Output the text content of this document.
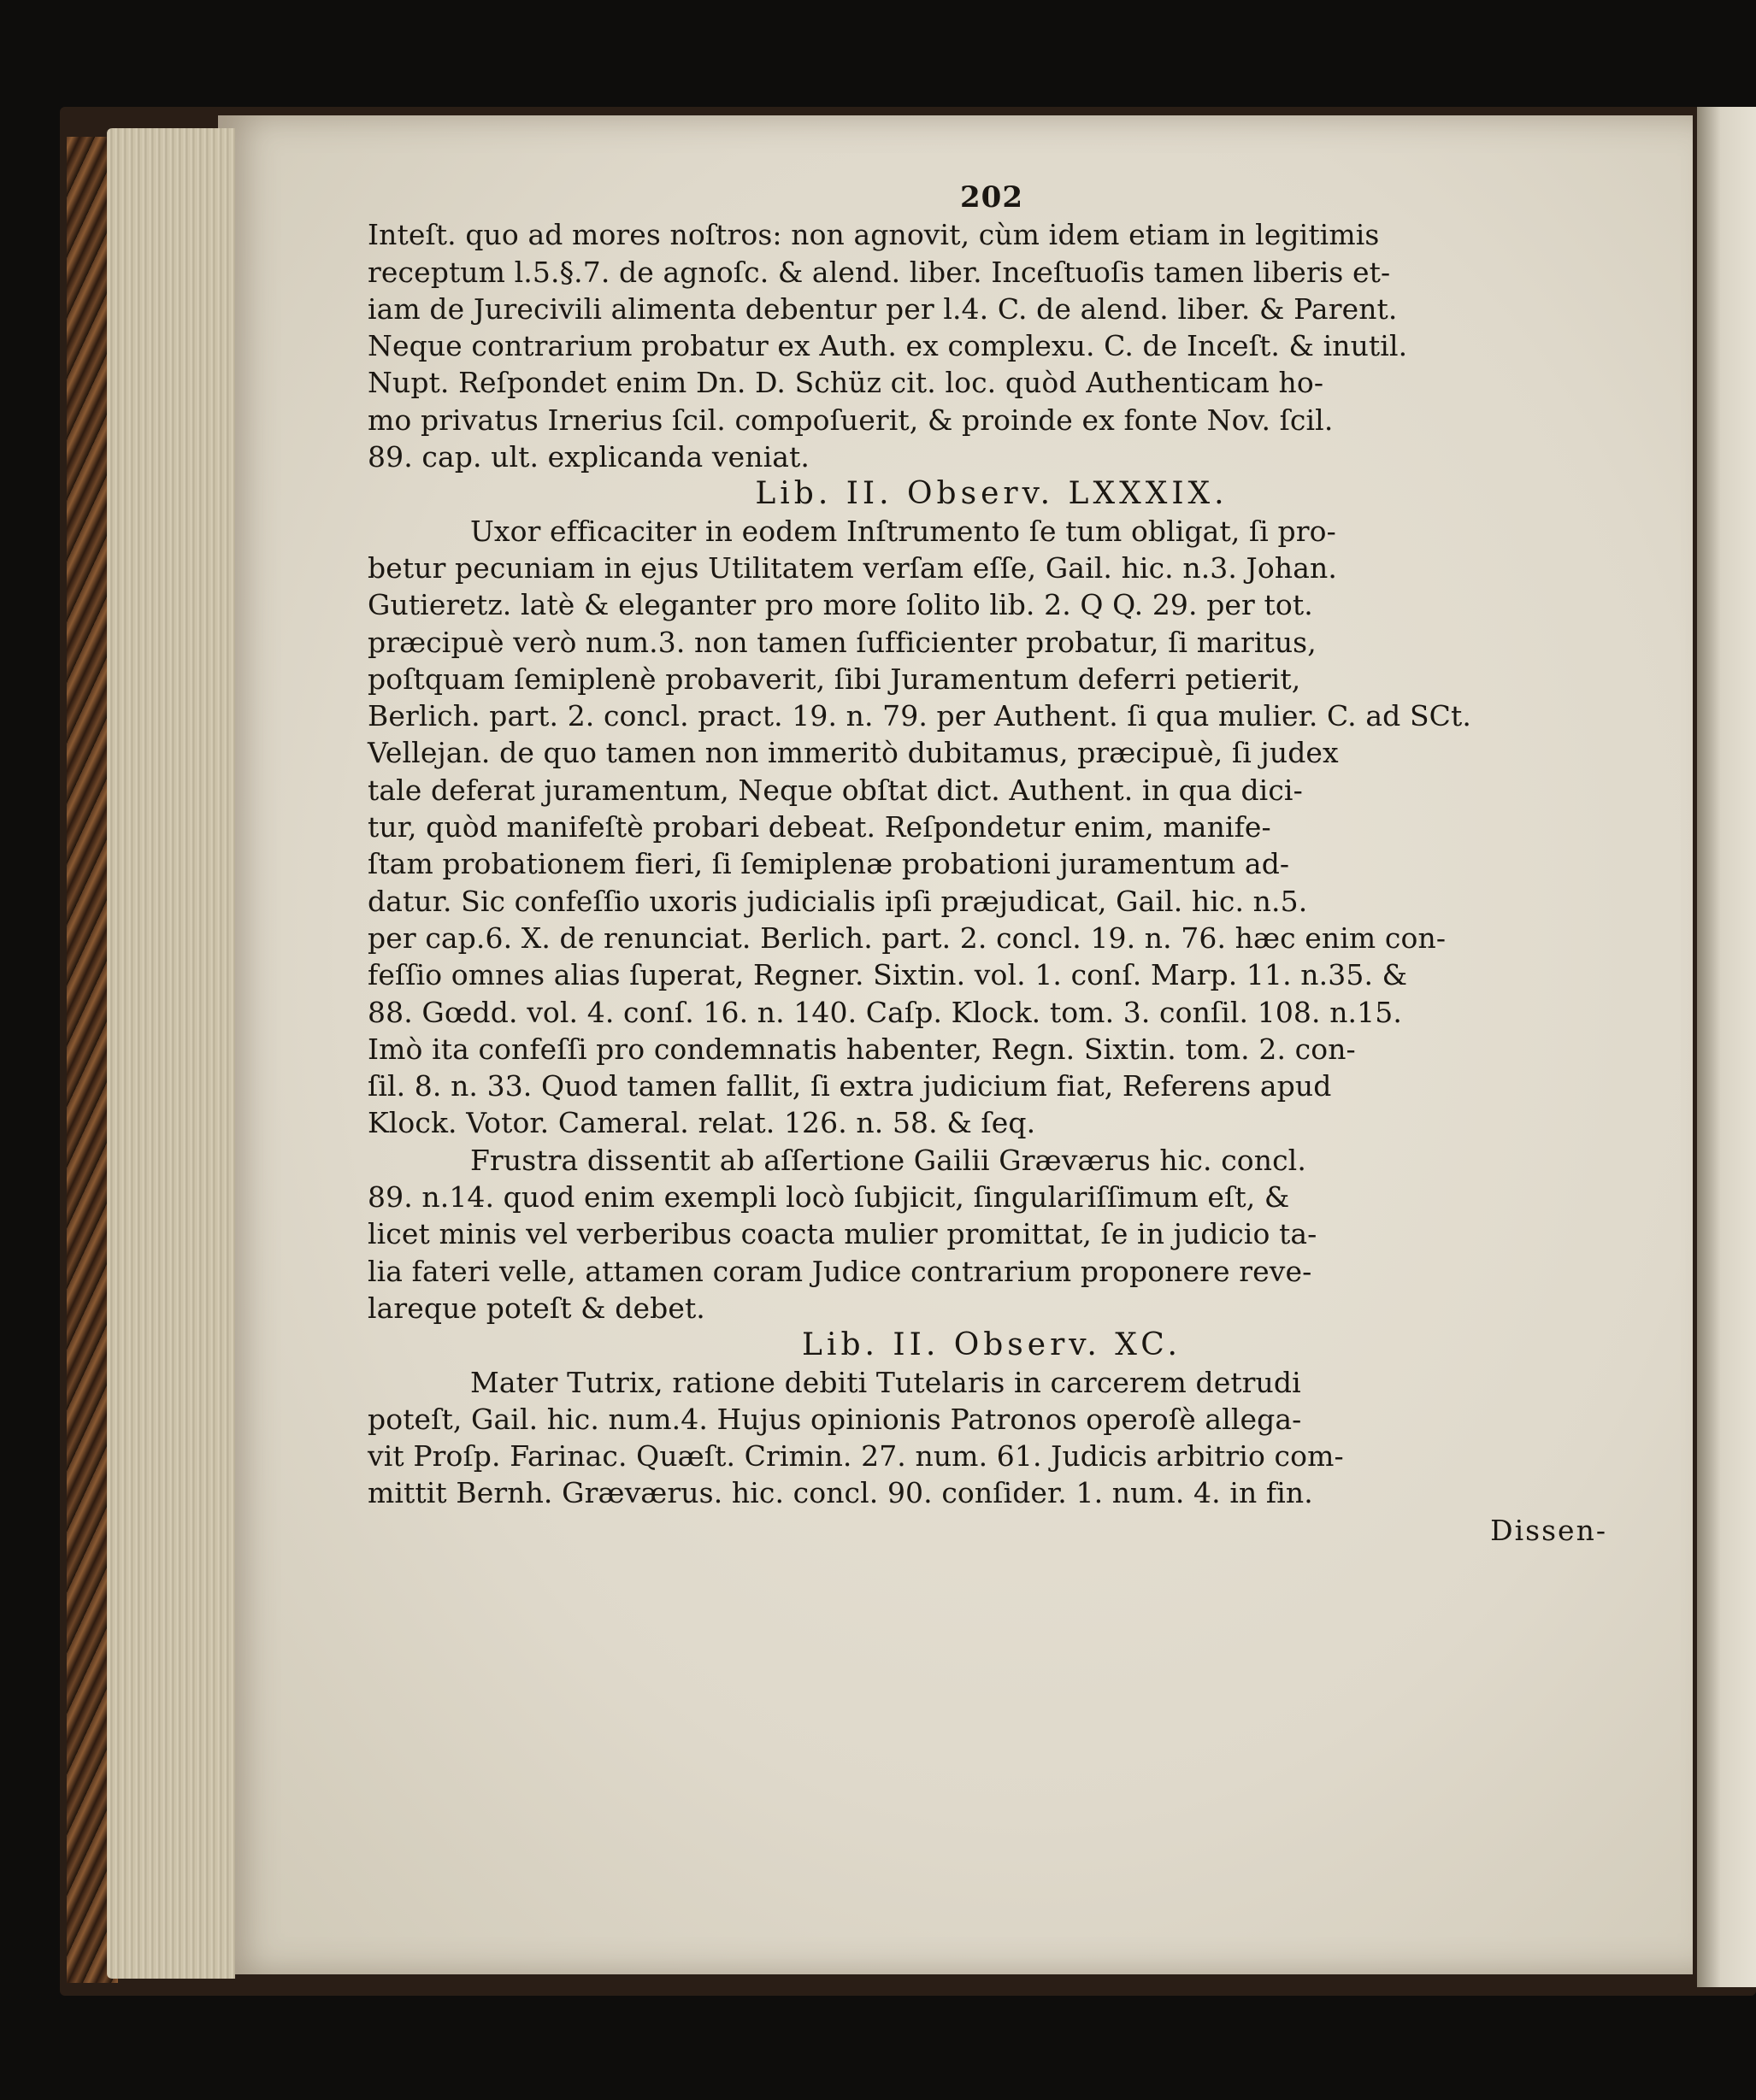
202
Inteſt. quo ad mores noſtros: non agnovit, cùm idem etiam in legitimis
receptum l.5.§.7. de agnoſc. & alend. liber. Inceſtuoſis tamen liberis et-
iam de Jurecivili alimenta debentur per l.4. C. de alend. liber. & Parent.
Neque contrarium probatur ex Auth. ex complexu. C. de Inceſt. & inutil.
Nupt. Reſpondet enim Dn. D. Schüz cit. loc. quòd Authenticam ho-
mo privatus Irnerius ſcil. compoſuerit, & proinde ex fonte Nov. ſcil.
89. cap. ult. explicanda veniat.
Lib. II. Observ. LXXXIX.
Uxor efficaciter in eodem Inſtrumento ſe tum obligat, ſi pro-
betur pecuniam in ejus Utilitatem verſam eſſe, Gail. hic. n.3. Johan.
Gutieretz. latè & eleganter pro more ſolito lib. 2. Q Q. 29. per tot.
præcipuè verò num.3. non tamen ſufficienter probatur, ſi maritus,
poſtquam ſemiplenè probaverit, ſibi Juramentum deferri petierit,
Berlich. part. 2. concl. pract. 19. n. 79. per Authent. ſi qua mulier. C. ad SCt.
Vellejan. de quo tamen non immeritò dubitamus, præcipuè, ſi judex
tale deferat juramentum, Neque obſtat dict. Authent. in qua dici-
tur, quòd manifeſtè probari debeat. Reſpondetur enim, manife-
ſtam probationem fieri, ſi ſemiplenæ probationi juramentum ad-
datur. Sic confeſſio uxoris judicialis ipſi præjudicat, Gail. hic. n.5.
per cap.6. X. de renunciat. Berlich. part. 2. concl. 19. n. 76. hæc enim con-
feſſio omnes alias ſuperat, Regner. Sixtin. vol. 1. conſ. Marp. 11. n.35. &
88. Gœdd. vol. 4. conſ. 16. n. 140. Caſp. Klock. tom. 3. conſil. 108. n.15.
Imò ita confeſſi pro condemnatis habenter, Regn. Sixtin. tom. 2. con-
ſil. 8. n. 33. Quod tamen fallit, ſi extra judicium fiat, Referens apud
Klock. Votor. Cameral. relat. 126. n. 58. & ſeq.
Frustra dissentit ab aſſertione Gailii Græværus hic. concl.
89. n.14. quod enim exempli locò ſubjicit, ſingulariſſimum eſt, &
licet minis vel verberibus coacta mulier promittat, ſe in judicio ta-
lia fateri velle, attamen coram Judice contrarium proponere reve-
lareque poteſt & debet.
Lib. II. Observ. XC.
Mater Tutrix, ratione debiti Tutelaris in carcerem detrudi
poteſt, Gail. hic. num.4. Hujus opinionis Patronos operoſè allega-
vit Proſp. Farinac. Quæſt. Crimin. 27. num. 61. Judicis arbitrio com-
mittit Bernh. Græværus. hic. concl. 90. conſider. 1. num. 4. in fin.
Dissen-
